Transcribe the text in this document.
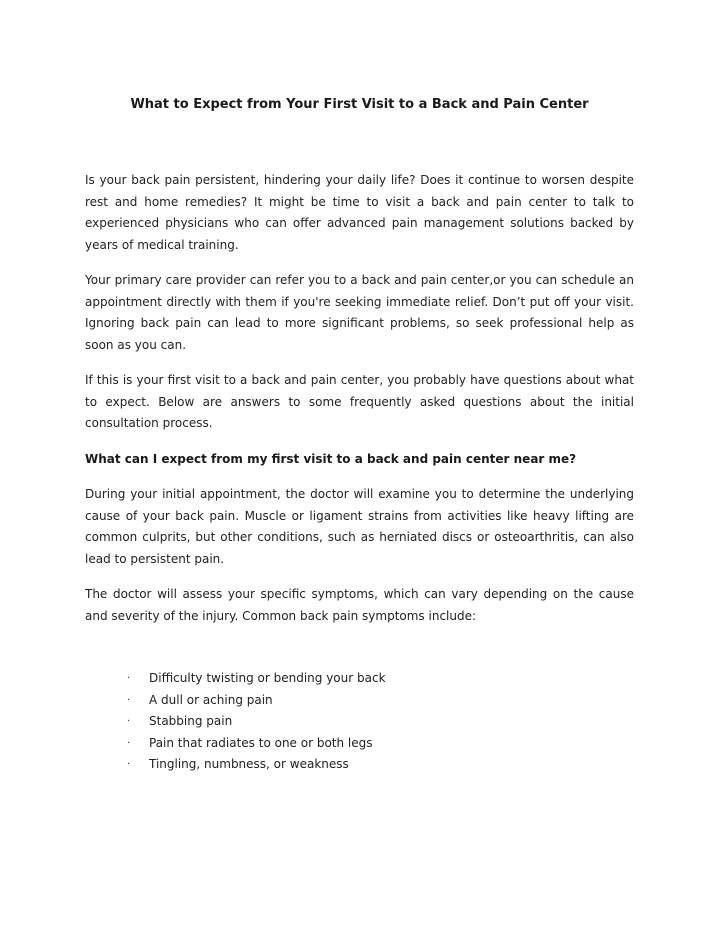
What to Expect from Your First Visit to a Back and Pain Center

Is your back pain persistent, hindering your daily life? Does it continue to worsen despite rest and home remedies? It might be time to visit a back and pain center to talk to experienced physicians who can offer advanced pain management solutions backed by years of medical training.

Your primary care provider can refer you to a back and pain center,or you can schedule an appointment directly with them if you're seeking immediate relief. Don’t put off your visit. Ignoring back pain can lead to more significant problems, so seek professional help as soon as you can.

If this is your first visit to a back and pain center, you probably have questions about what to expect. Below are answers to some frequently asked questions about the initial consultation process.

What can I expect from my first visit to a back and pain center near me?

During your initial appointment, the doctor will examine you to determine the underlying cause of your back pain. Muscle or ligament strains from activities like heavy lifting are common culprits, but other conditions, such as herniated discs or osteoarthritis, can also lead to persistent pain.

The doctor will assess your specific symptoms, which can vary depending on the cause and severity of the injury. Common back pain symptoms include:

· Difficulty twisting or bending your back
· A dull or aching pain
· Stabbing pain
· Pain that radiates to one or both legs
· Tingling, numbness, or weakness
